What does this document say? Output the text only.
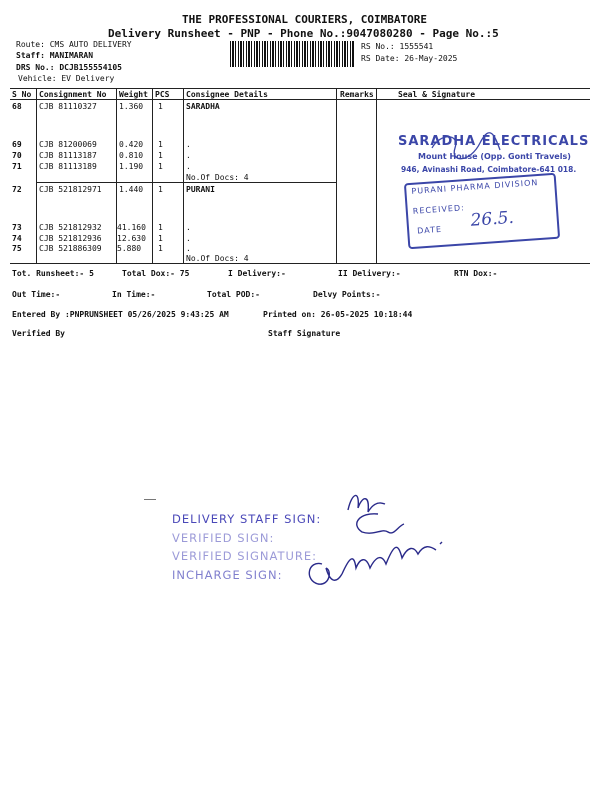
THE PROFESSIONAL COURIERS, COIMBATORE
Delivery Runsheet - PNP - Phone No.:9047080280 - Page No.:5
Route: CMS AUTO DELIVERY
Staff: MANIMARAN
DRS No.: DCJB155554105
Vehicle: EV Delivery
RS No.: 1555541
RS Date: 26-May-2025
S No Consignment No Weight PCS Consignee Details	Remarks	Seal & Signature
SARADHA
68 CJB 81110327	1.360 1
69 CJB 81200069	0.420 1	.
70 CJB 81113187	0.810 1	.
71 CJB 81113189	1.190 1	.
No.Of Docs: 4
PURANI
72 CJB 521812971 1.440 1
73 CJB 521812932 41.160 1	.
74 CJB 521812936 12.630 1	.
75 CJB 521886309 5.880 1	.
No.Of Docs: 4
Tot. Runsheet:- 5	Total Dox:- 75	I Delivery:-	II Delivery:-	RTN Dox:-
Out Time:-	In Time:-	Total POD:-	Delvy Points:-
Entered By :PNPRUNSHEET 05/26/2025 9:43:25 AM	Printed on: 26-05-2025 10:18:44
Verified By	Staff Signature
SARADHA ELECTRICALS
Mount House (Opp. Gonti Travels)
946, Avinashi Road, Coimbatore-641 018.
PURANI PHARMA DIVISION
RECEIVED:
DATE 26.5.
DELIVERY STAFF SIGN:
VERIFIED SIGN:
VERIFIED SIGNATURE:
INCHARGE SIGN:
